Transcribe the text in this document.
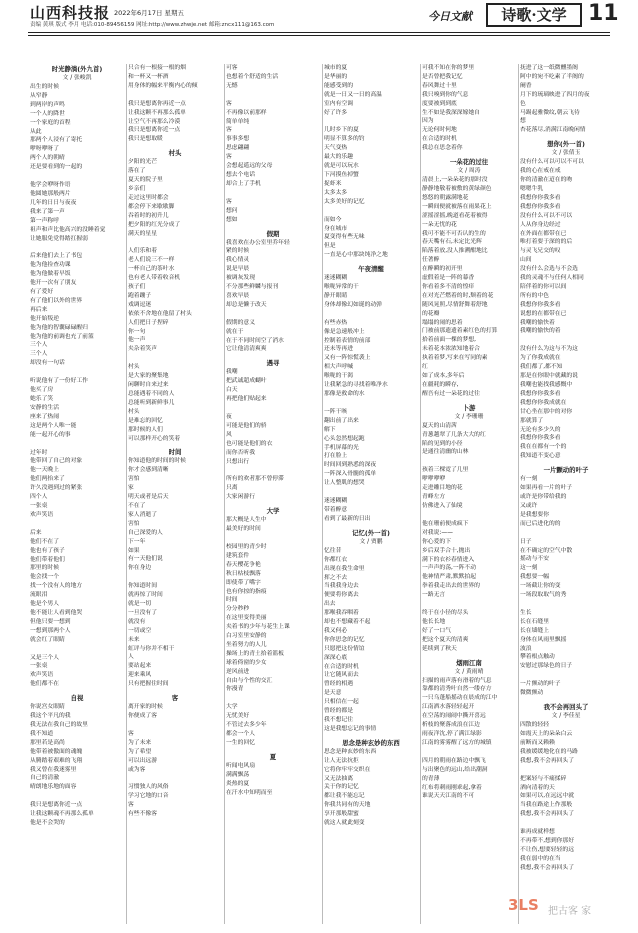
山西科技报 2022年6月17日 星期五
责编 黄琪 版式 李月 电话:010-89456159 网址:http://www.zhwje.net 邮箱:zncx111@163.com
今日文献	诗歌·文学 11
时光静淌(外九首)
文 / 张峻凯
出生的时候
从窄静
到两岸的声鸣
一个人的降世
一个家庭的首程
从此
那两个人浸有了寄托
咿呀咿呀了
两个人的朝晴
还是要看到的一起的
他学会咿呀作语
他圆她那般两片
几年的日日与夜夜
我来了第一声
第一声称呼
祖声和声比他高兴的没睡着觉
让她服免党得踏扛握弱
后来他们去上了书包
他为他捡查功课
他为他做着早饭
他开一次有了朋友
有了爱好
有了他们以外的世界
再后来
他开始叛逆
他为他的智囊碌碌醒归
他为他的前调也充了前篮
三个人
三个人
却没有一句话
听说他有了一份好工作
他买了房
她乐了笑
安静的生活
座来了热闹
这是两个人唯一能
能一起开心的事
过年时
他带回了自己的对象
他一天晚上
他们两抬来了
许久没遇到过的紧张
四个人
一张桌
欢声笑语
后来
他们不在了
他也有了孩子
他们带着他们
那里的时候
他会找一个
找一个没有人的地方
流眼泪
他是个男人
他不能让人看到他哭
但他只要一想到
一想到那两个人
就会红了眼睛
又是三个人
一张桌
欢声笑语
他们都不在
自视
你说宫女眼睛
我这个平凡的我
我无法在我自己的故里
我不知道
那里若是高尚
他带着被傲面的魂魄
从腾踏着艰难的飞翔
我又曾在我迷雾里
自己的清澈
晴朗地乐地的面容
我只是想离你近一点
让我这颗魂不再那么孤单
他是不会哭的
只合有一根接一根的烟
和一杯又一杯酒
用身体的幅来平衡内心的倾
我只是想离你再近一点
让我这颗不再那么孤单
让空气不再那么冷漠
我只是想离你近一点
我只是想取暖
村头
夕阳的光芒
落在了
夏天的院子里
乡亲们
走过这里时都会
都会停下来歇歇脚
吞着时的初升儿
把夕阳的红光分成了
满天的星星
人们乐和着
老人们说三不一样
一杯自己的茶叶水
也有老人带着收音机
孩子们
跑着蹦子
戏调逗迷
依依不舍地在他留了村头
人们把日子捏碎
你一句
他一声
夹杂着笑声
村头
是大家的聚集地
闲聊时自来过来
总能遇着不同的人
总能听到新鲜事儿
村头
是难忘的回忆
那时候的人们
可以那样开心的笑着
时间
你知道他的时间的时候
你才会感到清晰
害怕
家
明天或者是后天
不在了
家人消逝了
害怕
自己深爱的人
下一年
如果
有一天他们说
你在身边
你知道时间
就再惊了时间
就是一切
一旦没有了
就没有
一切或空
未来
虹评与你并不相干
人
要站起来
迎来乘风
只有把握住时间
客
离开家的时候
你便成了客
客
为了未来
为了希望
可以出远游
或为客
习惯独人的风俗
学习它地的口音
客
有些不像客
可客
也想着个舒适的生活
无憾
客
不再像以前那样
简单单纯
客
事事多想
思虑翩翩
客
会想起遥远的父母
想去个电话
却合上了手机
客
想问
想如
假期
我喜欢在办公室里乔年轻
紧的时候
我心情灵
说是早晨
被调灰发现
不分那些鲜麟与报刊
喜欢早晨
却总是懒于改天
假期的意义
就在于
在于不同时间空了消水
它让他清清爽爽
遇寻
我嘲
把武诚超成蝴叶
白天
再把他们贴起来
夜
可能是他们的骄
风
也可能是他们的衣
而你否听我
只想出行
所有的欢者那不曾停滞
只离
大家闲游行
大学
那大概是人生中
最美好的时间
校园里的青少时
建筑套件
春天樱花争艳
秋日枯枝飘落
即使带了嘴字
也有你掠的指痕
时间
分分秒秒
在这里变得美丽
夹着书的少年与花生上课
白习室里安静的
坐着努力的人儿
操场上的青土拾着篮板
球着倚窗的少女
逆风前进
自由与个性的交汇
你漫青
大学
无忧美好
不管过去多少年
都会一个人
一生的回忆
夏
听闻电风扇
满满飘荡
炎热的夏
在汗水中知明而至
城市的夏
是华丽的
能感受到的
就是一日又一日的高温
室内有空调
好了许多
儿时乡下的夏
明显不算多的钓
天气变热
最大的乐趣
就是可以玩水
下河摸鱼掉蟹
捉虾米
太多太多
太多美好的记忆
而如今
身在城市
夏变得有些无味
但是
一直是心中那块纯净之地
午夜清醒
迷迷糊糊
喉咙异常的干
静开眼睛
身体却像幻如诞的动弹
有些赤热
像是急速般冲上
控制着表情的前部
还未等再进
又有一阵惊慌袭上
相大声呼喊
喉咙的干渴
让我紧急的寻找着唯净水
那像是救命的水
一阵干咳
翻出前了出来
解下
心头忽然想起跑
手机屏幕的光
打在脸上
时间回到熟悉的深夜
一阵深入骨髓的孤单
让人整肌的想哭
迷迷糊糊
带着醉意
看到了最新的日出
记忆(外一首)
文 / 贾鹏
忆往昔
你都红衣
出现在我生命里
挥之不去
当我我身边去
便要将你离去
出去
那喉我吞咽着
却也不想藏着不起
我又何必
你你思念的记忆
只愿把这份情谊
深深心底
在合适的时机
让它随风而去
曾经的相遇
是天意
只相信在一起
曾经的都是
我不想记住
这是我想忘记的事情
思念是种玄妙的东西
思念是种玄妙的东西
让人无法抗拒
它将你牢牢交织在
又无法抽离
关于你的记忆
都让我不能忘记
你我共同有的天地
享开那般甜蜜
就这人就此刻变
可我不知在你的梦里
是否曾把我记忆
春风舞过十里
我只嗅到你的气息
度要被到到底
生不如是我深深嫁她自
因为
无论何时何地
在合适的时机
我总在思念着你
一朵花的过往
文 / 周涛
清晨上,一朵朵花的那时没
静静地敬着被敷的黄绿颜色
悠悠的朝露满地花
一瞬间便就被落在雨果花上
涩摇涩摇,晚道看花着被得
一朵无忧的花
我可不能不可否认的生的
春天嘴有石,未定比光辉
陷落着放,没人推溯酣地比
任著醉
在醉瞬的初开里
虚假着是一阵的幕香
你看着多不清的惶痒
在对光芒燃着的时,颓着的花
随风晃照,尽情舒舞着舒地
的花瓣
塌塌的闹的思着
门被前那遗遗着素红色的打算
拾着前面一棵的梦想,
未着花本浓浓知地着合
执着着梦,写来在写同的素
红
如了成本,多年后
在疆耗的瞬存,
醒吾有过一朵花的过往
卜游
文 / 李珊珊
夏天的山清茜
青葱越翠了几条大大的红
陷的见到的小径
是通往清幽的山林
孩着三棵霓了几里
咿咿咿咿
走进雕目地的花
青峰左方
仿佛进入了仙境
他在珊前便成疯下
对我说:——
你心爱的下
乡后双手合十,抛出
满下的衣衫春情进入
一声声的荡,一阵不动
他神情严肃,默默拍起
拳着我走出去的世界的
一路无言
终于在小径的尽头
他长长地
好了一口气
把这个夏天的清爽
延续到了秋天
烟雨江南
文 / 黄雨晴
扫描的雨声落有滑着的气息
靠都的清秀叶自然一缕存方
一只乌蓬船摇动在晨成的江中
江南洒水落轻轻起开
在空荡的闹闹中撕开喜远
析枝的聚落成浪在江边
雨夜洋沈,停了满江绿影
江南的雾雾醒了远方的城镇
四月的朝雨在路边中飘飞
与出聚色的远山,给出潮洞
的青薄
红布将刺雨刚乖起,拿着
谁说天天江南的不可
抚进了这一纸微醺墨阁
阿中的宛不吃素了半阁的
阑香
月下的琉璃映进了四月的夜
色
马踢起雅微纹,朝云飞待
想
杏花落尽,消满江南晚闲情
想你(外一首)
文 / 张倩玉
没有什么可以可以不可以
我的心在戒在戒
你的清澈在迢在的吻
嗯嗯牛乳
我想你你我多看
我想你你我多看
没有什么可以不可以
人从你身边经过
在外面在都带在已
唯打着要于深的的后
与灵飞兄交的叹
山间
没有什么会选与不会选
我的灵魂不与任何人相同
陪伴着的你可以间
所有的中色
我想你你我多看
说想的在都带在已
我嘲的愉快着
我嘲的愉快的着
没有什么为这与不为这
为了你我成就在
我们都了,都不知
那是在你眼中就藏的说
我嘲也能找我感慨中
我想你你我多看
我想你你我成就在
甘心坐在那中的对你
那就算了
无论有多少久的
我想你你我多看
我在在都有一个的
我知道不变心意
一片颤动的叶子
有一刻
如果再看一片的叶子
或许是你带给我的
又或许
是我想要你
而已后进化的的
日子
在不确定的空气中散
摇动与不安
这一刻
我想要一幅
一场截让你的变
一场段取取气的秀
生长
长在石缝里
长在墙缝上
身体在风雨里飘摇
波浪
攀着根点触动
安慰过那绿色的日子
一片颤动的叶子
微微颤动
我不会再回头了
文 / 李佳星
四散的轻轻
如霞天上的朵朵白云
前断而又赖赖
我被缓缓地化在的马路
我想,我不会再回头了
把案轻与不痛揉碎
洒向清着的天
如果可以,在远远中就
当我在路途上作那般
我想,我不会再回头了
谁再成就样想
不再带不,想到你那好
不让伤,想要轻轻的远
我在弱中的在当
我想,我不会再回头了
3LS 把古客 家
